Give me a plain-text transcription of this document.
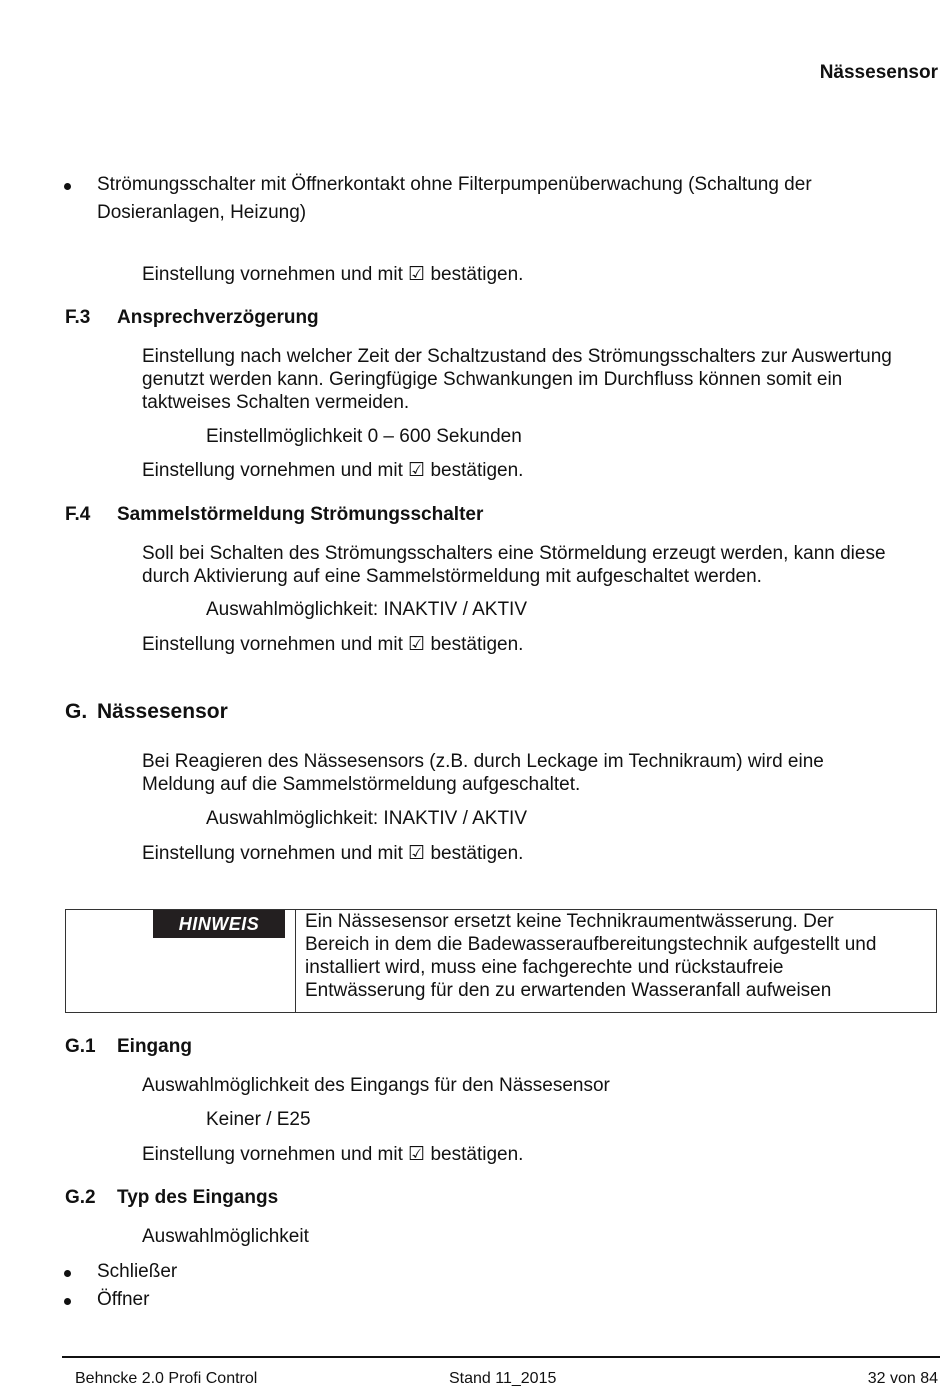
Nässesensor
Strömungsschalter mit Öffnerkontakt ohne Filterpumpenüberwachung (Schaltung der
Dosieranlagen, Heizung)
Einstellung vornehmen und mit ☑ bestätigen.
F.3 Ansprechverzögerung
Einstellung nach welcher Zeit der Schaltzustand des Strömungsschalters zur Auswertung
genutzt werden kann. Geringfügige Schwankungen im Durchfluss können somit ein
taktweises Schalten vermeiden.
Einstellmöglichkeit 0 – 600 Sekunden
Einstellung vornehmen und mit ☑ bestätigen.
F.4 Sammelstörmeldung Strömungsschalter
Soll bei Schalten des Strömungsschalters eine Störmeldung erzeugt werden, kann diese
durch Aktivierung auf eine Sammelstörmeldung mit aufgeschaltet werden.
Auswahlmöglichkeit: INAKTIV / AKTIV
Einstellung vornehmen und mit ☑ bestätigen.
G. Nässesensor
Bei Reagieren des Nässesensors (z.B. durch Leckage im Technikraum) wird eine
Meldung auf die Sammelstörmeldung aufgeschaltet.
Auswahlmöglichkeit: INAKTIV / AKTIV
Einstellung vornehmen und mit ☑ bestätigen.
HINWEIS	Ein Nässesensor ersetzt keine Technikraumentwässerung. Der
Bereich in dem die Badewasseraufbereitungstechnik aufgestellt und
installiert wird, muss eine fachgerechte und rückstaufreie
Entwässerung für den zu erwartenden Wasseranfall aufweisen
G.1 Eingang
Auswahlmöglichkeit des Eingangs für den Nässesensor
Keiner / E25
Einstellung vornehmen und mit ☑ bestätigen.
G.2 Typ des Eingangs
Auswahlmöglichkeit
Schließer
Öffner
Behncke 2.0 Profi Control	Stand 11_2015	32 von 84
